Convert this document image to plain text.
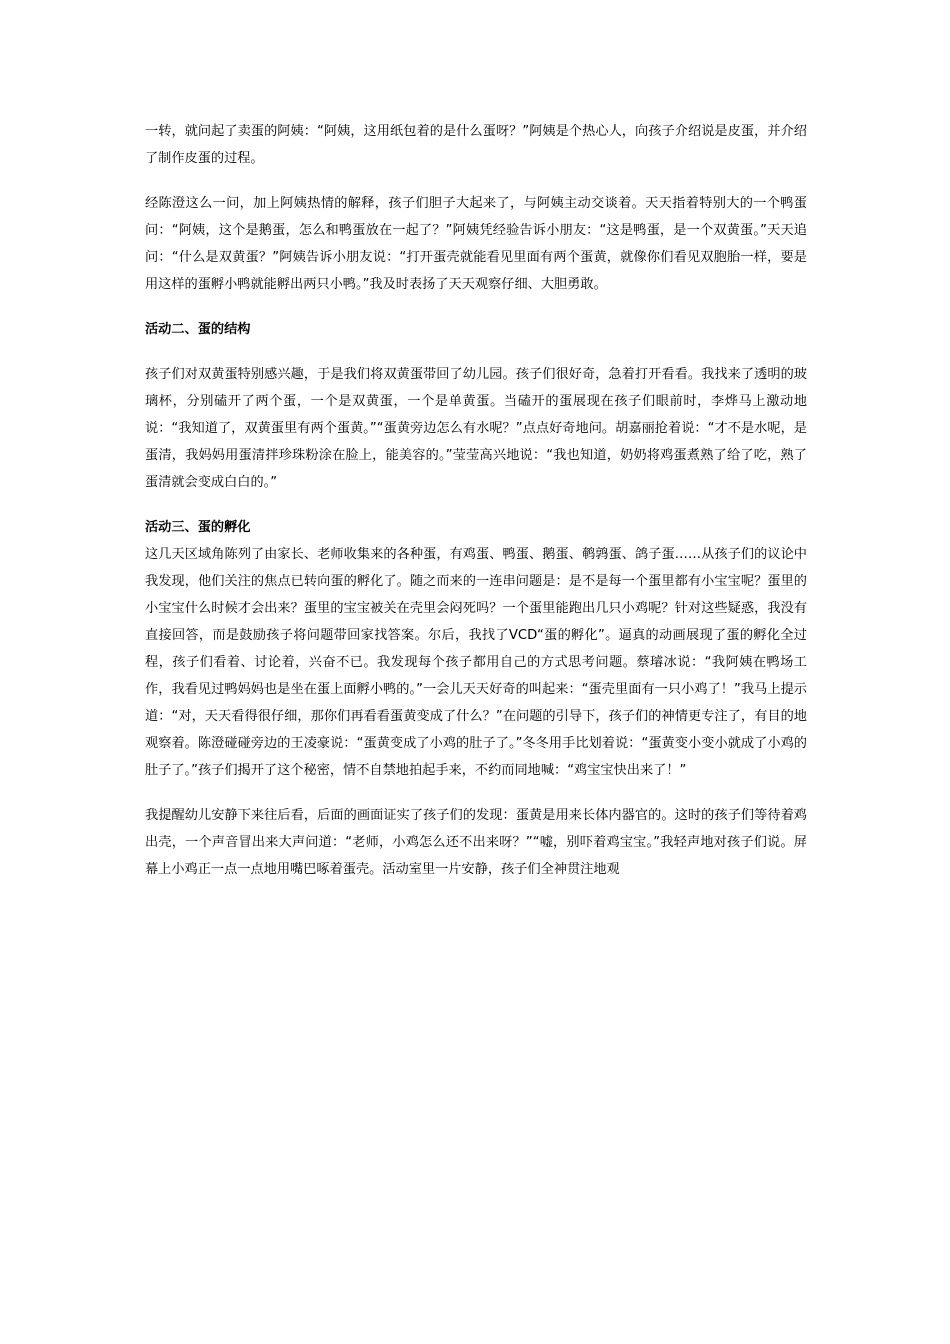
一转，就问起了卖蛋的阿姨：“阿姨，这用纸包着的是什么蛋呀？”阿姨是个热心人，向孩子介绍说是皮蛋，并介绍了制作皮蛋的过程。

经陈澄这么一问，加上阿姨热情的解释，孩子们胆子大起来了，与阿姨主动交谈着。天天指着特别大的一个鸭蛋问：“阿姨，这个是鹅蛋，怎么和鸭蛋放在一起了？”阿姨凭经验告诉小朋友：“这是鸭蛋，是一个双黄蛋。”天天追问：“什么是双黄蛋？”阿姨告诉小朋友说：“打开蛋壳就能看见里面有两个蛋黄，就像你们看见双胞胎一样，要是用这样的蛋孵小鸭就能孵出两只小鸭。”我及时表扬了天天观察仔细、大胆勇敢。

活动二、蛋的结构

孩子们对双黄蛋特别感兴趣，于是我们将双黄蛋带回了幼儿园。孩子们很好奇，急着打开看看。我找来了透明的玻璃杯，分别磕开了两个蛋，一个是双黄蛋，一个是单黄蛋。当磕开的蛋展现在孩子们眼前时，李烨马上激动地说：“我知道了，双黄蛋里有两个蛋黄。”“蛋黄旁边怎么有水呢？”点点好奇地问。胡嘉丽抢着说：“才不是水呢，是蛋清，我妈妈用蛋清拌珍珠粉涂在脸上，能美容的。”莹莹高兴地说：“我也知道，奶奶将鸡蛋煮熟了给了吃，熟了蛋清就会变成白白的。”

活动三、蛋的孵化

这几天区域角陈列了由家长、老师收集来的各种蛋，有鸡蛋、鸭蛋、鹅蛋、鹌鹑蛋、鸽子蛋……从孩子们的议论中我发现，他们关注的焦点已转向蛋的孵化了。随之而来的一连串问题是：是不是每一个蛋里都有小宝宝呢？蛋里的小宝宝什么时候才会出来？蛋里的宝宝被关在壳里会闷死吗？一个蛋里能跑出几只小鸡呢？针对这些疑惑，我没有直接回答，而是鼓励孩子将问题带回家找答案。尔后，我找了VCD“蛋的孵化”。逼真的动画展现了蛋的孵化全过程，孩子们看着、讨论着，兴奋不已。我发现每个孩子都用自己的方式思考问题。蔡璿冰说：“我阿姨在鸭场工作，我看见过鸭妈妈也是坐在蛋上面孵小鸭的。”一会儿天天好奇的叫起来：“蛋壳里面有一只小鸡了！”我马上提示道：“对，天天看得很仔细，那你们再看看蛋黄变成了什么？”在问题的引导下，孩子们的神情更专注了，有目的地观察着。陈澄碰碰旁边的王凌豪说：“蛋黄变成了小鸡的肚子了。”冬冬用手比划着说：“蛋黄变小变小就成了小鸡的肚子了。”孩子们揭开了这个秘密，情不自禁地拍起手来，不约而同地喊：“鸡宝宝快出来了！”

我提醒幼儿安静下来往后看，后面的画面证实了孩子们的发现：蛋黄是用来长体内器官的。这时的孩子们等待着鸡出壳，一个声音冒出来大声问道：“老师，小鸡怎么还不出来呀？”“嘘，别吓着鸡宝宝。”我轻声地对孩子们说。屏幕上小鸡正一点一点地用嘴巴啄着蛋壳。活动室里一片安静，孩子们全神贯注地观
